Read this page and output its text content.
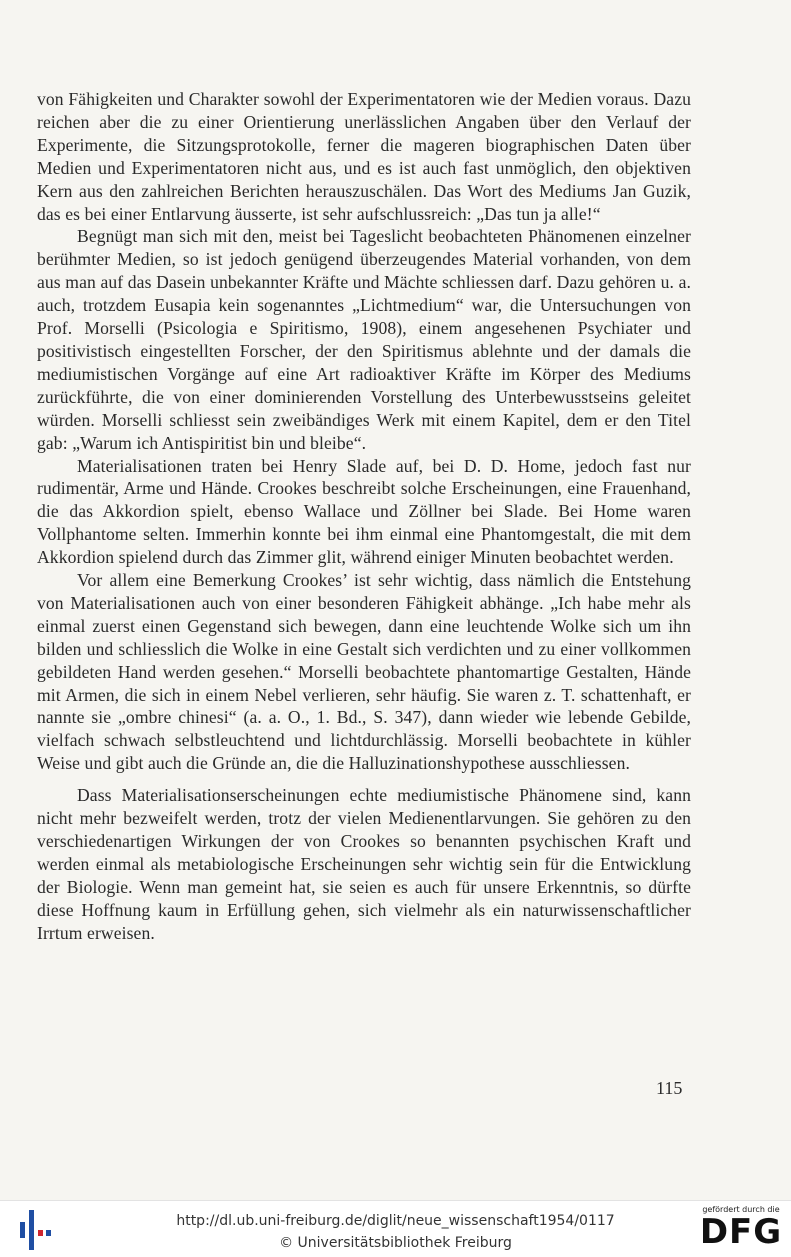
von Fähigkeiten und Charakter sowohl der Experimentatoren wie der Medien voraus. Dazu reichen aber die zu einer Orientierung unerlässlichen Angaben über den Verlauf der Experimente, die Sitzungsprotokolle, ferner die mageren biographischen Daten über Medien und Experimentatoren nicht aus, und es ist auch fast unmöglich, den objektiven Kern aus den zahlreichen Berichten herauszuschälen. Das Wort des Mediums Jan Guzik, das es bei einer Entlarvung äusserte, ist sehr aufschlussreich: „Das tun ja alle!“

Begnügt man sich mit den, meist bei Tageslicht beobachteten Phänomenen einzelner berühmter Medien, so ist jedoch genügend überzeugendes Material vorhanden, von dem aus man auf das Dasein unbekannter Kräfte und Mächte schliessen darf. Dazu gehören u. a. auch, trotzdem Eusapia kein sogenanntes „Lichtmedium“ war, die Untersuchungen von Prof. Morselli (Psicologia e Spiritismo, 1908), einem angesehenen Psychiater und positivistisch eingestellten Forscher, der den Spiritismus ablehnte und der damals die mediumistischen Vorgänge auf eine Art radioaktiver Kräfte im Körper des Mediums zurückführte, die von einer dominierenden Vorstellung des Unterbewusstseins geleitet würden. Morselli schliesst sein zweibändiges Werk mit einem Kapitel, dem er den Titel gab: „Warum ich Antispiritist bin und bleibe“.

Materialisationen traten bei Henry Slade auf, bei D. D. Home, jedoch fast nur rudimentär, Arme und Hände. Crookes beschreibt solche Erscheinungen, eine Frauenhand, die das Akkordion spielt, ebenso Wallace und Zöllner bei Slade. Bei Home waren Vollphantome selten. Immerhin konnte bei ihm einmal eine Phantomgestalt, die mit dem Akkordion spielend durch das Zimmer glit, während einiger Minuten beobachtet werden.

Vor allem eine Bemerkung Crookes’ ist sehr wichtig, dass nämlich die Entstehung von Materialisationen auch von einer besonderen Fähigkeit abhänge. „Ich habe mehr als einmal zuerst einen Gegenstand sich bewegen, dann eine leuchtende Wolke sich um ihn bilden und schliesslich die Wolke in eine Gestalt sich verdichten und zu einer vollkommen gebildeten Hand werden gesehen.“ Morselli beobachtete phantomartige Gestalten, Hände mit Armen, die sich in einem Nebel verlieren, sehr häufig. Sie waren z. T. schattenhaft, er nannte sie „ombre chinesi“ (a. a. O., 1. Bd., S. 347), dann wieder wie lebende Gebilde, vielfach schwach selbstleuchtend und lichtdurchlässig. Morselli beobachtete in kühler Weise und gibt auch die Gründe an, die die Halluzinationshypothese ausschliessen.

Dass Materialisationserscheinungen echte mediumistische Phänomene sind, kann nicht mehr bezweifelt werden, trotz der vielen Medienentlarvungen. Sie gehören zu den verschiedenartigen Wirkungen der von Crookes so benannten psychischen Kraft und werden einmal als metabiologische Erscheinungen sehr wichtig sein für die Entwicklung der Biologie. Wenn man gemeint hat, sie seien es auch für unsere Erkenntnis, so dürfte diese Hoffnung kaum in Erfüllung gehen, sich vielmehr als ein naturwissenschaftlicher Irrtum erweisen.

115
http://dl.ub.uni-freiburg.de/diglit/neue_wissenschaft1954/0117
© Universitätsbibliothek Freiburg
gefördert durch die
DFG
